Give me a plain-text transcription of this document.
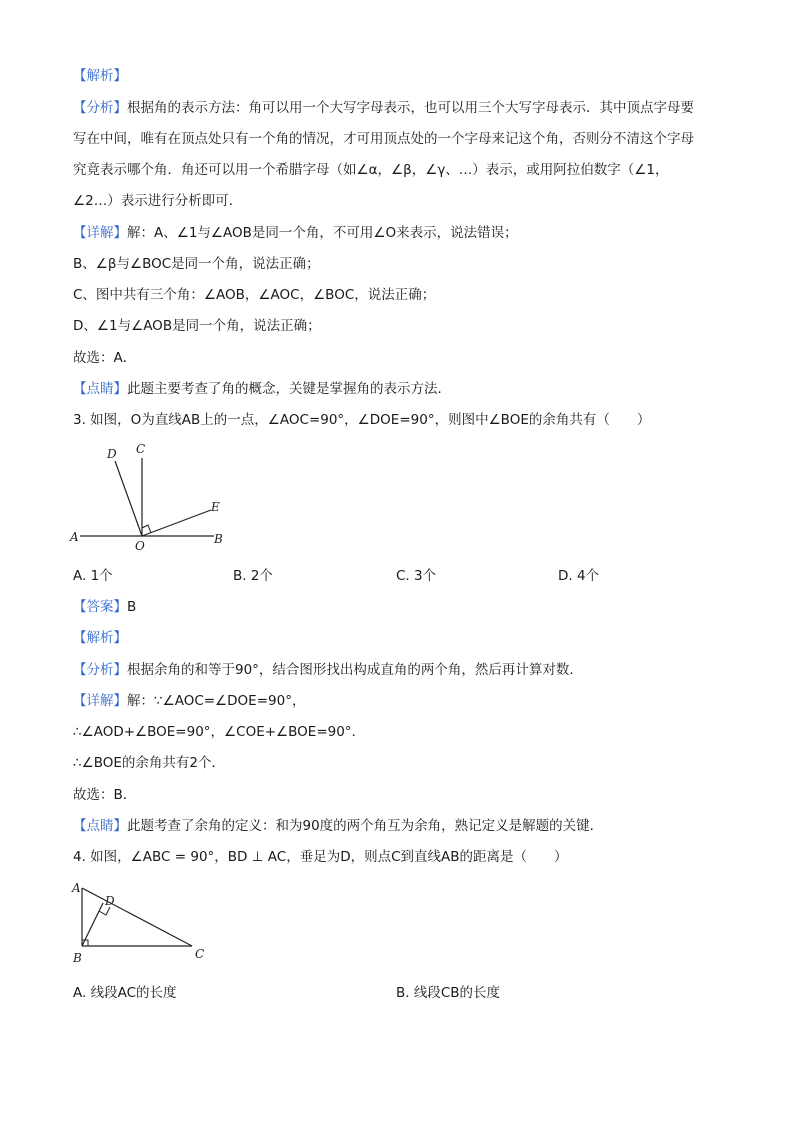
【解析】
【分析】根据角的表示方法：角可以用一个大写字母表示，也可以用三个大写字母表示．其中顶点字母要
写在中间，唯有在顶点处只有一个角的情况，才可用顶点处的一个字母来记这个角，否则分不清这个字母
究竟表示哪个角．角还可以用一个希腊字母（如∠α，∠β，∠γ、…）表示，或用阿拉伯数字（∠1，
∠2…）表示进行分析即可．
【详解】解：A、∠1与∠AOB是同一个角，不可用∠O来表示，说法错误；
B、∠β与∠BOC是同一个角，说法正确；
C、图中共有三个角：∠AOB，∠AOC，∠BOC，说法正确；
D、∠1与∠AOB是同一个角，说法正确；
故选：A．
【点睛】此题主要考查了角的概念，关键是掌握角的表示方法．
3. 如图，O为直线AB上的一点，∠AOC=90°，∠DOE=90°，则图中∠BOE的余角共有（　　）
A	B
C
D
E
O
A. 1个	B. 2个	C. 3个	D. 4个
【答案】B
【解析】
【分析】根据余角的和等于90°，结合图形找出构成直角的两个角，然后再计算对数．
【详解】解：∵∠AOC=∠DOE=90°，
∴∠AOD+∠BOE=90°，∠COE+∠BOE=90°．
∴∠BOE的余角共有2个．
故选：B．
【点睛】此题考查了余角的定义：和为90度的两个角互为余角，熟记定义是解题的关键．
4. 如图，∠ABC = 90°，BD ⊥ AC，垂足为D，则点C到直线AB的距离是（　　）
A
D
B	C
A. 线段AC的长度	B. 线段CB的长度
